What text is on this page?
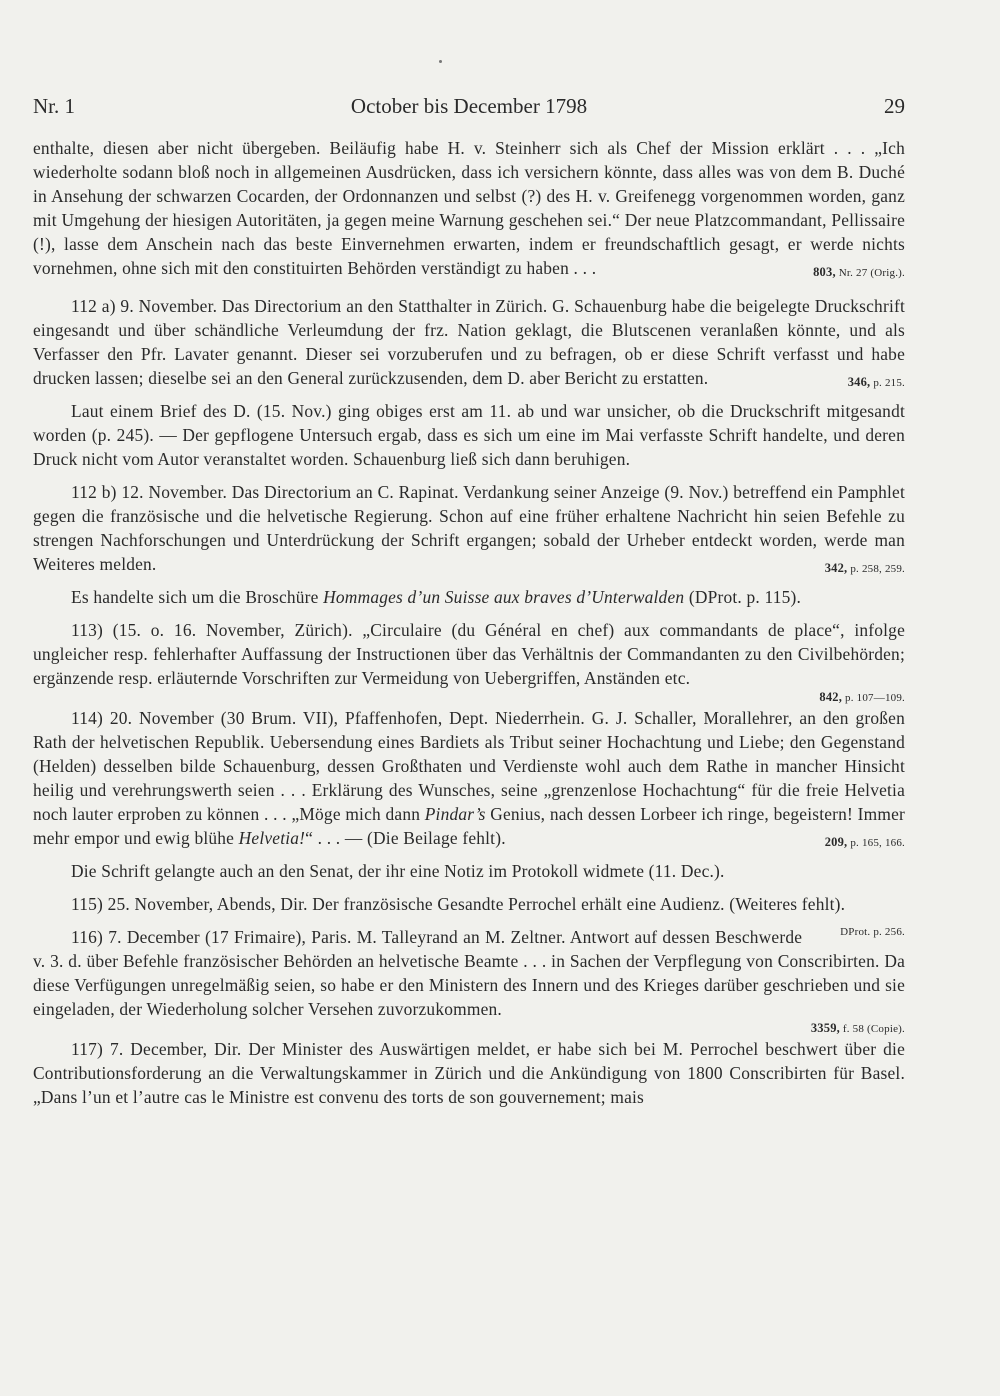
Nr. 1	October bis December 1798	29

enthalte, diesen aber nicht übergeben. Beiläufig habe H. v. Steinherr sich als Chef der Mission erklärt . . . „Ich wiederholte sodann bloß noch in allgemeinen Ausdrücken, dass ich versichern könnte, dass alles was von dem B. Duché in Ansehung der schwarzen Cocarden, der Ordonnanzen und selbst (?) des H. v. Greifenegg vorgenommen worden, ganz mit Umgehung der hiesigen Autoritäten, ja gegen meine Warnung geschehen sei.“ Der neue Platzcommandant, Pellissaire (!), lasse dem Anschein nach das beste Einvernehmen erwarten, indem er freundschaftlich gesagt, er werde nichts vornehmen, ohne sich mit den constituirten Behörden verständigt zu haben . . .	803, Nr. 27 (Orig.).

112 a) 9. November. Das Directorium an den Statthalter in Zürich. G. Schauenburg habe die beigelegte Druckschrift eingesandt und über schändliche Verleumdung der frz. Nation geklagt, die Blutscenen veranlaßen könnte, und als Verfasser den Pfr. Lavater genannt. Dieser sei vorzuberufen und zu befragen, ob er diese Schrift verfasst und habe drucken lassen; dieselbe sei an den General zurückzusenden, dem D. aber Bericht zu erstatten.	346, p. 215.

Laut einem Brief des D. (15. Nov.) ging obiges erst am 11. ab und war unsicher, ob die Druckschrift mitgesandt worden (p. 245). — Der gepflogene Untersuch ergab, dass es sich um eine im Mai verfasste Schrift handelte, und deren Druck nicht vom Autor veranstaltet worden. Schauenburg ließ sich dann beruhigen.

112 b) 12. November. Das Directorium an C. Rapinat. Verdankung seiner Anzeige (9. Nov.) betreffend ein Pamphlet gegen die französische und die helvetische Regierung. Schon auf eine früher erhaltene Nachricht hin seien Befehle zu strengen Nachforschungen und Unterdrückung der Schrift ergangen; sobald der Urheber entdeckt worden, werde man Weiteres melden.	342, p. 258, 259.

Es handelte sich um die Broschüre Hommages d’un Suisse aux braves d’Unterwalden (DProt. p. 115).

113) (15. o. 16. November, Zürich). „Circulaire (du Général en chef) aux commandants de place“, infolge ungleicher resp. fehlerhafter Auffassung der Instructionen über das Verhältnis der Commandanten zu den Civilbehörden; ergänzende resp. erläuternde Vorschriften zur Vermeidung von Uebergriffen, Anständen etc.

842, p. 107—109.

114) 20. November (30 Brum. VII), Pfaffenhofen, Dept. Niederrhein. G. J. Schaller, Morallehrer, an den großen Rath der helvetischen Republik. Uebersendung eines Bardiets als Tribut seiner Hochachtung und Liebe; den Gegenstand (Helden) desselben bilde Schauenburg, dessen Großthaten und Verdienste wohl auch dem Rathe in mancher Hinsicht heilig und verehrungswerth seien . . . Erklärung des Wunsches, seine „grenzenlose Hochachtung“ für die freie Helvetia noch lauter erproben zu können . . . „Möge mich dann Pindar’s Genius, nach dessen Lorbeer ich ringe, begeistern! Immer mehr empor und ewig blühe Helvetia!“ . . . — (Die Beilage fehlt).	209, p. 165, 166.

Die Schrift gelangte auch an den Senat, der ihr eine Notiz im Protokoll widmete (11. Dec.).

115) 25. November, Abends, Dir. Der französische Gesandte Perrochel erhält eine Audienz. (Weiteres fehlt).
DProt. p. 256.

116) 7. December (17 Frimaire), Paris. M. Talleyrand an M. Zeltner. Antwort auf dessen Beschwerde v. 3. d. über Befehle französischer Behörden an helvetische Beamte . . . in Sachen der Verpflegung von Conscribirten. Da diese Verfügungen unregelmäßig seien, so habe er den Ministern des Innern und des Krieges darüber geschrieben und sie eingeladen, der Wiederholung solcher Versehen zuvorzukommen.

3359, f. 58 (Copie).

117) 7. December, Dir. Der Minister des Auswärtigen meldet, er habe sich bei M. Perrochel beschwert über die Contributionsforderung an die Verwaltungskammer in Zürich und die Ankündigung von 1800 Conscribirten für Basel. „Dans l’un et l’autre cas le Ministre est convenu des torts de son gouvernement; mais
